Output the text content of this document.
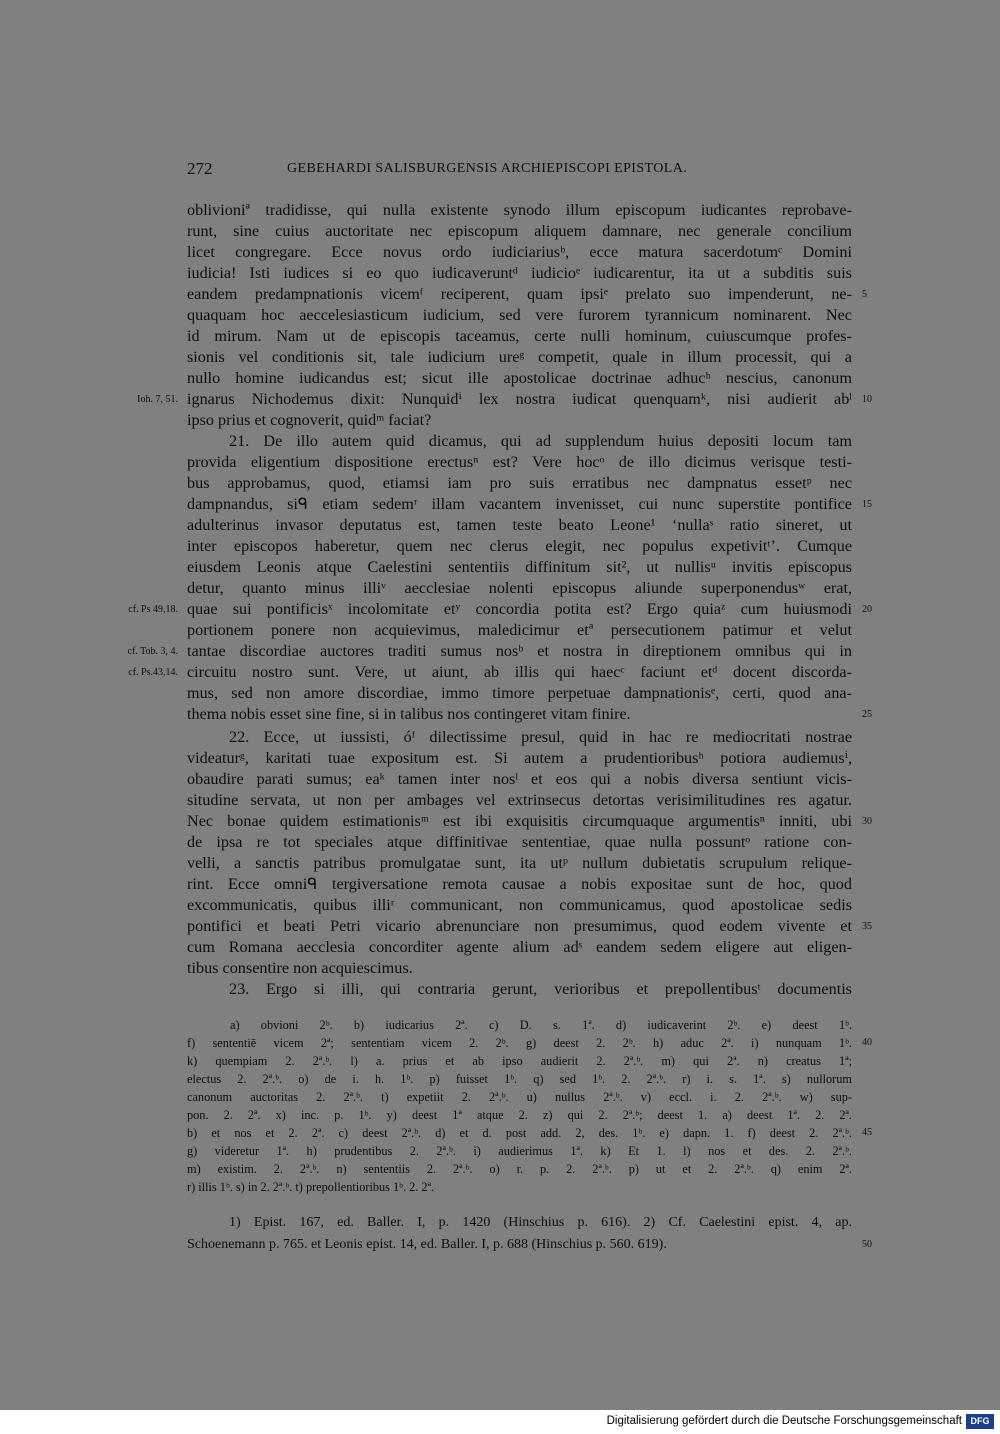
272	GEBEHARDI SALISBURGENSIS ARCHIEPISCOPI EPISTOLA.
oblivioniª tradidisse, qui nulla existente synodo illum episcopum iudicantes reprobave-
runt, sine cuius auctoritate nec episcopum aliquem damnare, nec generale concilium
licet congregare. Ecce novus ordo iudiciariusᵇ, ecce matura sacerdotumᶜ Domini
iudicia! Isti iudices si eo quo iudicaveruntᵈ iudicioᵉ iudicarentur, ita ut a subditis suis
eandem predampnationis vicemᶠ reciperent, quam ipsiᵉ prelato suo impenderunt, ne-
quaquam hoc aeccelesiasticum iudicium, sed vere furorem tyrannicum nominarent. Nec
id mirum. Nam ut de episcopis taceamus, certe nulli hominum, cuiuscumque profes-
sionis vel conditionis sit, tale iudicium ureᵍ competit, quale in illum processit, qui a
nullo homine iudicandus est; sicut ille apostolicae doctrinae adhucʰ nescius, canonum
ignarus Nichodemus dixit: Nunquidⁱ lex nostra iudicat quenquamᵏ, nisi audierit abˡ
ipso prius et cognoverit, quidᵐ faciat?
21. De illo autem quid dicamus, qui ad supplendum huius depositi locum tam
provida eligentium dispositione erectusⁿ est? Vere hocᵒ de illo dicimus verisque testi-
bus approbamus, quod, etiamsi iam pro suis erratibus nec dampnatus essetᵖ nec
dampnandus, siᑫ etiam sedemʳ illam vacantem invenisset, cui nunc superstite pontifice
adulterinus invasor deputatus est, tamen teste beato Leone¹ ‘nullaˢ ratio sineret, ut
inter episcopos haberetur, quem nec clerus elegit, nec populus expetivitᵗ’. Cumque
eiusdem Leonis atque Caelestini sententiis diffinitum sit², ut nullisᵘ invitis episcopus
detur, quanto minus illiᵛ aecclesiae nolenti episcopus aliunde superponendusʷ erat,
quae sui pontificisˣ incolomitate etʸ concordia potita est? Ergo quiaᶻ cum huiusmodi
portionem ponere non acquievimus, maledicimur etª persecutionem patimur et velut
tantae discordiae auctores traditi sumus nosᵇ et nostra in direptionem omnibus qui in
circuitu nostro sunt. Vere, ut aiunt, ab illis qui haecᶜ faciunt etᵈ docent discorda-
mus, sed non amore discordiae, immo timore perpetuae dampnationisᵉ, certi, quod ana-
thema nobis esset sine fine, si in talibus nos contingeret vitam finire.
22. Ecce, ut iussisti, óᶠ dilectissime presul, quid in hac re mediocritati nostrae
videaturᵍ, karitati tuae expositum est. Si autem a prudentioribusʰ potiora audiemusⁱ,
obaudire parati sumus; eaᵏ tamen inter nosˡ et eos qui a nobis diversa sentiunt vicis-
situdine servata, ut non per ambages vel extrinsecus detortas verisimilitudines res agatur.
Nec bonae quidem estimationisᵐ est ibi exquisitis circumquaque argumentisⁿ inniti, ubi
de ipsa re tot speciales atque diffinitivae sententiae, quae nulla possuntᵒ ratione con-
velli, a sanctis patribus promulgatae sunt, ita utᵖ nullum dubietatis scrupulum relique-
rint. Ecce omniᑫ tergiversatione remota causae a nobis expositae sunt de hoc, quod
excommunicatis, quibus illiʳ communicant, non communicamus, quod apostolicae sedis
pontifici et beati Petri vicario abrenunciare non presumimus, quod eodem vivente et
cum Romana aecclesia concorditer agente alium adˢ eandem sedem eligere aut eligen-
tibus consentire non acquiescimus.
23. Ergo si illi, qui contraria gerunt, verioribus et prepollentibusᵗ documentis
5
10
15
20
25
30
35
Ioh. 7, 51.
cf. Ps 49,18.
cf. Tob. 3, 4.
cf. Ps.43,14.
a) obvioni 2ᵇ. b) iudicarius 2ª. c) D. s. 1ª. d) iudicaverint 2ᵇ. e) deest 1ᵇ.
f) sententiē vicem 2ª; sententiam vicem 2. 2ᵇ. g) deest 2. 2ᵇ. h) aduc 2ª. i) nunquam 1ᵇ.
k) quempiam 2. 2ª.ᵇ. l) a. prius et ab ipso audierit 2. 2ª.ᵇ. m) qui 2ª. n) creatus 1ª;
electus 2. 2ª.ᵇ. o) de i. h. 1ᵇ. p) fuisset 1ᵇ. q) sed 1ᵇ. 2. 2ª.ᵇ. r) i. s. 1ª. s) nullorum
canonum auctoritas 2. 2ª.ᵇ. t) expetiit 2. 2ª.ᵇ. u) nullus 2ª.ᵇ. v) eccl. i. 2. 2ª.ᵇ. w) sup-
pon. 2. 2ª. x) inc. p. 1ᵇ. y) deest 1ª atque 2. z) qui 2. 2ª.ᵇ; deest 1. a) deest 1ª. 2. 2ª.
b) et nos et 2. 2ª. c) deest 2ª.ᵇ. d) et d. post add. 2, des. 1ᵇ. e) dapn. 1. f) deest 2. 2ª.ᵇ.
g) videretur 1ª. h) prudentibus 2. 2ª.ᵇ. i) audierimus 1ª. k) Et 1. l) nos et des. 2. 2ª.ᵇ.
m) existim. 2. 2ª.ᵇ. n) sententiis 2. 2ª.ᵇ. o) r. p. 2. 2ª.ᵇ. p) ut et 2. 2ª.ᵇ. q) enim 2ª.
r) illis 1ᵇ. s) in 2. 2ª.ᵇ. t) prepollentioribus 1ᵇ. 2. 2ª.
40
45
1) Epist. 167, ed. Baller. I, p. 1420 (Hinschius p. 616). 2) Cf. Caelestini epist. 4, ap.
Schoenemann p. 765. et Leonis epist. 14, ed. Baller. I, p. 688 (Hinschius p. 560. 619).	50
Digitalisierung gefördert durch die Deutsche Forschungsgemeinschaft DFG
